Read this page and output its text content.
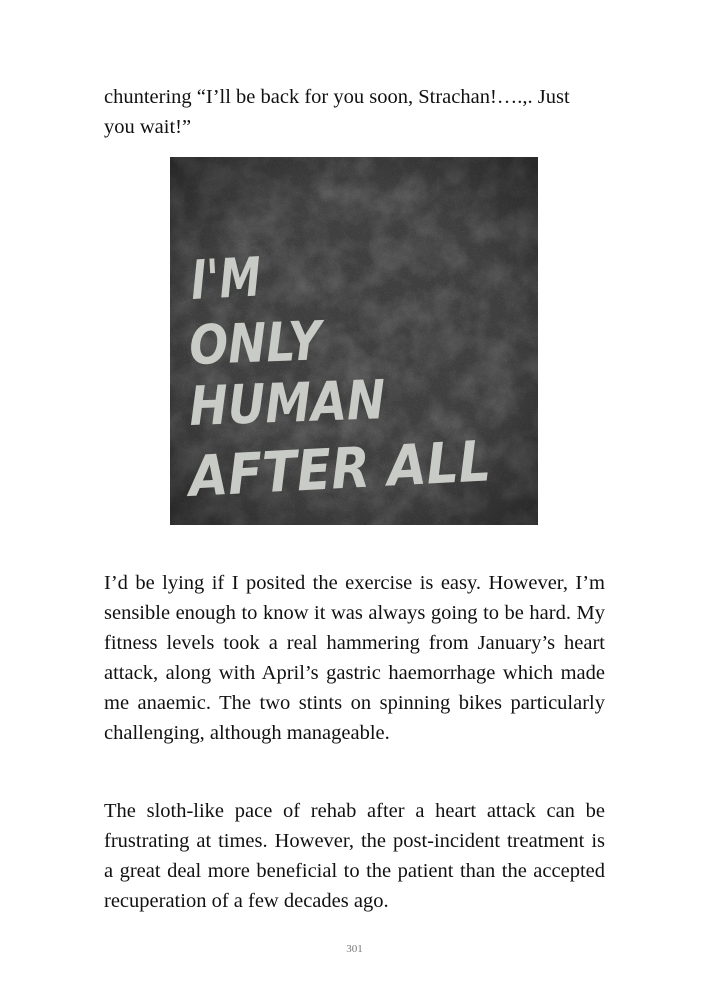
chuntering “I’ll be back for you soon, Strachan!….,. Just you wait!”

I'M
ONLY
HUMAN
AFTER ALL

I’d be lying if I posited the exercise is easy. However, I’m sensible enough to know it was always going to be hard. My fitness levels took a real hammering from January’s heart attack, along with April’s gastric haemorrhage which made me anaemic. The two stints on spinning bikes particularly challenging, although manageable.

The sloth-like pace of rehab after a heart attack can be frustrating at times. However, the post-incident treatment is a great deal more beneficial to the patient than the accepted recuperation of a few decades ago.

301
